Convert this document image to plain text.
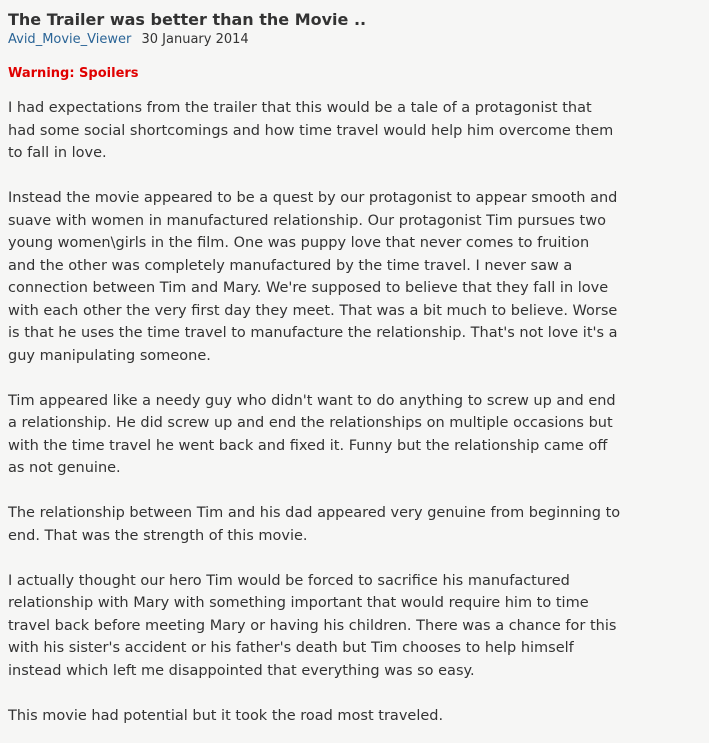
The Trailer was better than the Movie ..
Avid_Movie_Viewer 30 January 2014
Warning: Spoilers

I had expectations from the trailer that this would be a tale of a protagonist that
had some social shortcomings and how time travel would help him overcome them
to fall in love.

Instead the movie appeared to be a quest by our protagonist to appear smooth and
suave with women in manufactured relationship. Our protagonist Tim pursues two
young women\girls in the film. One was puppy love that never comes to fruition
and the other was completely manufactured by the time travel. I never saw a
connection between Tim and Mary. We're supposed to believe that they fall in love
with each other the very first day they meet. That was a bit much to believe. Worse
is that he uses the time travel to manufacture the relationship. That's not love it's a
guy manipulating someone.

Tim appeared like a needy guy who didn't want to do anything to screw up and end
a relationship. He did screw up and end the relationships on multiple occasions but
with the time travel he went back and fixed it. Funny but the relationship came off
as not genuine.

The relationship between Tim and his dad appeared very genuine from beginning to
end. That was the strength of this movie.

I actually thought our hero Tim would be forced to sacrifice his manufactured
relationship with Mary with something important that would require him to time
travel back before meeting Mary or having his children. There was a chance for this
with his sister's accident or his father's death but Tim chooses to help himself
instead which left me disappointed that everything was so easy.

This movie had potential but it took the road most traveled.
